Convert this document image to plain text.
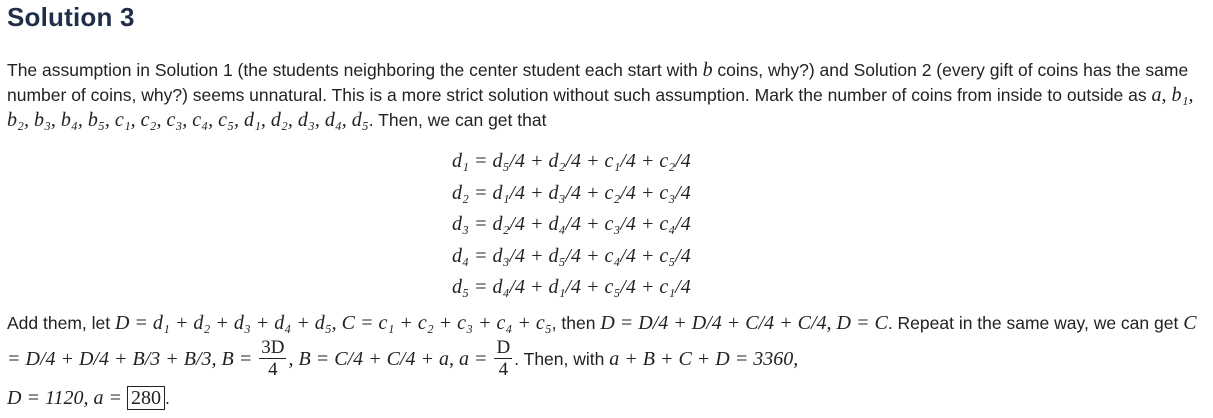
Solution 3

The assumption in Solution 1 (the students neighboring the center student each start with b coins, why?) and Solution 2 (every gift of coins has the same number of coins, why?) seems unnatural. This is a more strict solution without such assumption. Mark the number of coins from inside to outside as a, b₁, b₂, b₃, b₄, b₅, c₁, c₂, c₃, c₄, c₅, d₁, d₂, d₃, d₄, d₅. Then, we can get that

d₁ = d₅/4 + d₂/4 + c₁/4 + c₂/4
d₂ = d₁/4 + d₃/4 + c₂/4 + c₃/4
d₃ = d₂/4 + d₄/4 + c₃/4 + c₄/4
d₄ = d₃/4 + d₅/4 + c₄/4 + c₅/4
d₅ = d₄/4 + d₁/4 + c₅/4 + c₁/4

Add them, let D = d₁ + d₂ + d₃ + d₄ + d₅, C = c₁ + c₂ + c₃ + c₄ + c₅, then D = D/4 + D/4 + C/4 + C/4, D = C. Repeat in the same way, we can get C = D/4 + D/4 + B/3 + B/3, $B = \frac{3D}{4}$ , B = C/4 + C/4 + a, $a = \frac{D}{4}$ . Then, with a + B + C + D = 3360,
D = 1120, a = 280 .
